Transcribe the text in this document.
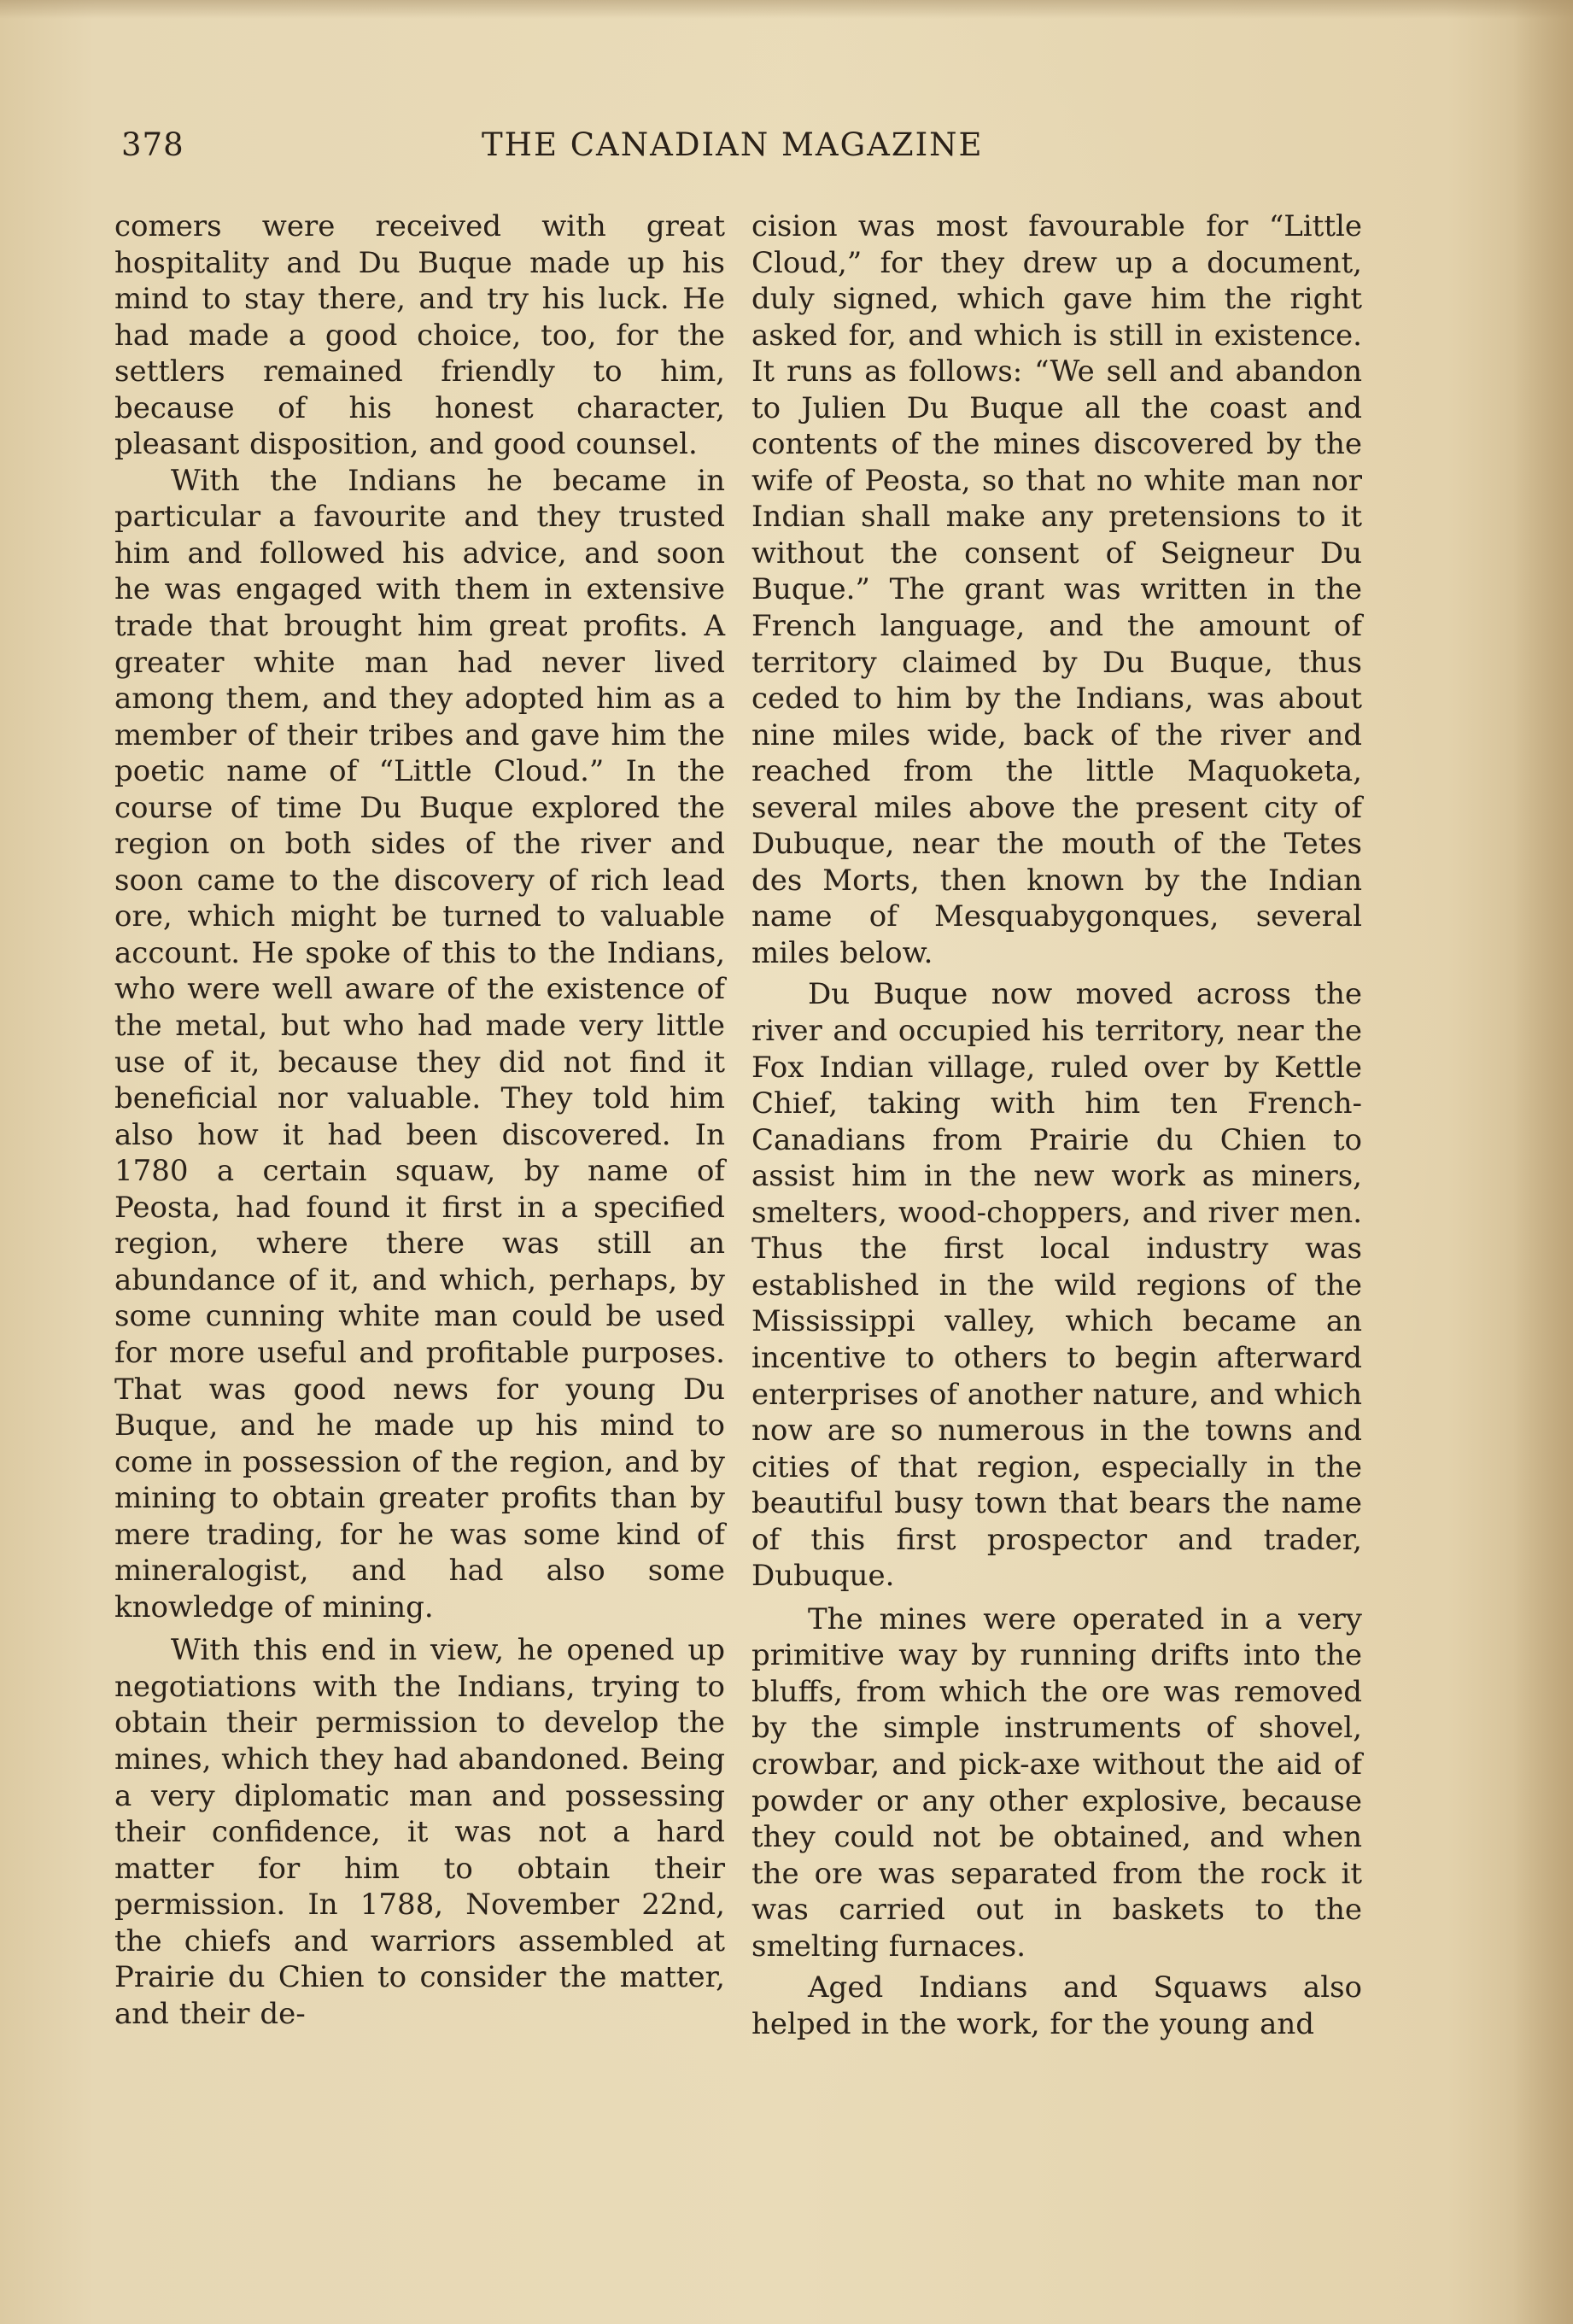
378	THE CANADIAN MAGAZINE

comers were received with great hospitality and Du Buque made up his mind to stay there, and try his luck. He had made a good choice, too, for the settlers remained friendly to him, because of his honest character, pleasant disposition, and good counsel.

With the Indians he became in particular a favourite and they trusted him and followed his advice, and soon he was engaged with them in extensive trade that brought him great profits. A greater white man had never lived among them, and they adopted him as a member of their tribes and gave him the poetic name of “Little Cloud.” In the course of time Du Buque explored the region on both sides of the river and soon came to the discovery of rich lead ore, which might be turned to valuable account. He spoke of this to the Indians, who were well aware of the existence of the metal, but who had made very little use of it, because they did not find it beneficial nor valuable. They told him also how it had been discovered. In 1780 a certain squaw, by name of Peosta, had found it first in a specified region, where there was still an abundance of it, and which, perhaps, by some cunning white man could be used for more useful and profitable purposes. That was good news for young Du Buque, and he made up his mind to come in possession of the region, and by mining to obtain greater profits than by mere trading, for he was some kind of mineralogist, and had also some knowledge of mining.

With this end in view, he opened up negotiations with the Indians, trying to obtain their permission to develop the mines, which they had abandoned. Being a very diplomatic man and possessing their confidence, it was not a hard matter for him to obtain their permission. In 1788, November 22nd, the chiefs and warriors assembled at Prairie du Chien to consider the matter, and their de-

cision was most favourable for “Little Cloud,” for they drew up a document, duly signed, which gave him the right asked for, and which is still in existence. It runs as follows: “We sell and abandon to Julien Du Buque all the coast and contents of the mines discovered by the wife of Peosta, so that no white man nor Indian shall make any pretensions to it without the consent of Seigneur Du Buque.” The grant was written in the French language, and the amount of territory claimed by Du Buque, thus ceded to him by the Indians, was about nine miles wide, back of the river and reached from the little Maquoketa, several miles above the present city of Dubuque, near the mouth of the Tetes des Morts, then known by the Indian name of Mesquabygonques, several miles below.

Du Buque now moved across the river and occupied his territory, near the Fox Indian village, ruled over by Kettle Chief, taking with him ten French-Canadians from Prairie du Chien to assist him in the new work as miners, smelters, wood-choppers, and river men. Thus the first local industry was established in the wild regions of the Mississippi valley, which became an incentive to others to begin afterward enterprises of another nature, and which now are so numerous in the towns and cities of that region, especially in the beautiful busy town that bears the name of this first prospector and trader, Dubuque.

The mines were operated in a very primitive way by running drifts into the bluffs, from which the ore was removed by the simple instruments of shovel, crowbar, and pick-axe without the aid of powder or any other explosive, because they could not be obtained, and when the ore was separated from the rock it was carried out in baskets to the smelting furnaces.

Aged Indians and Squaws also helped in the work, for the young and
